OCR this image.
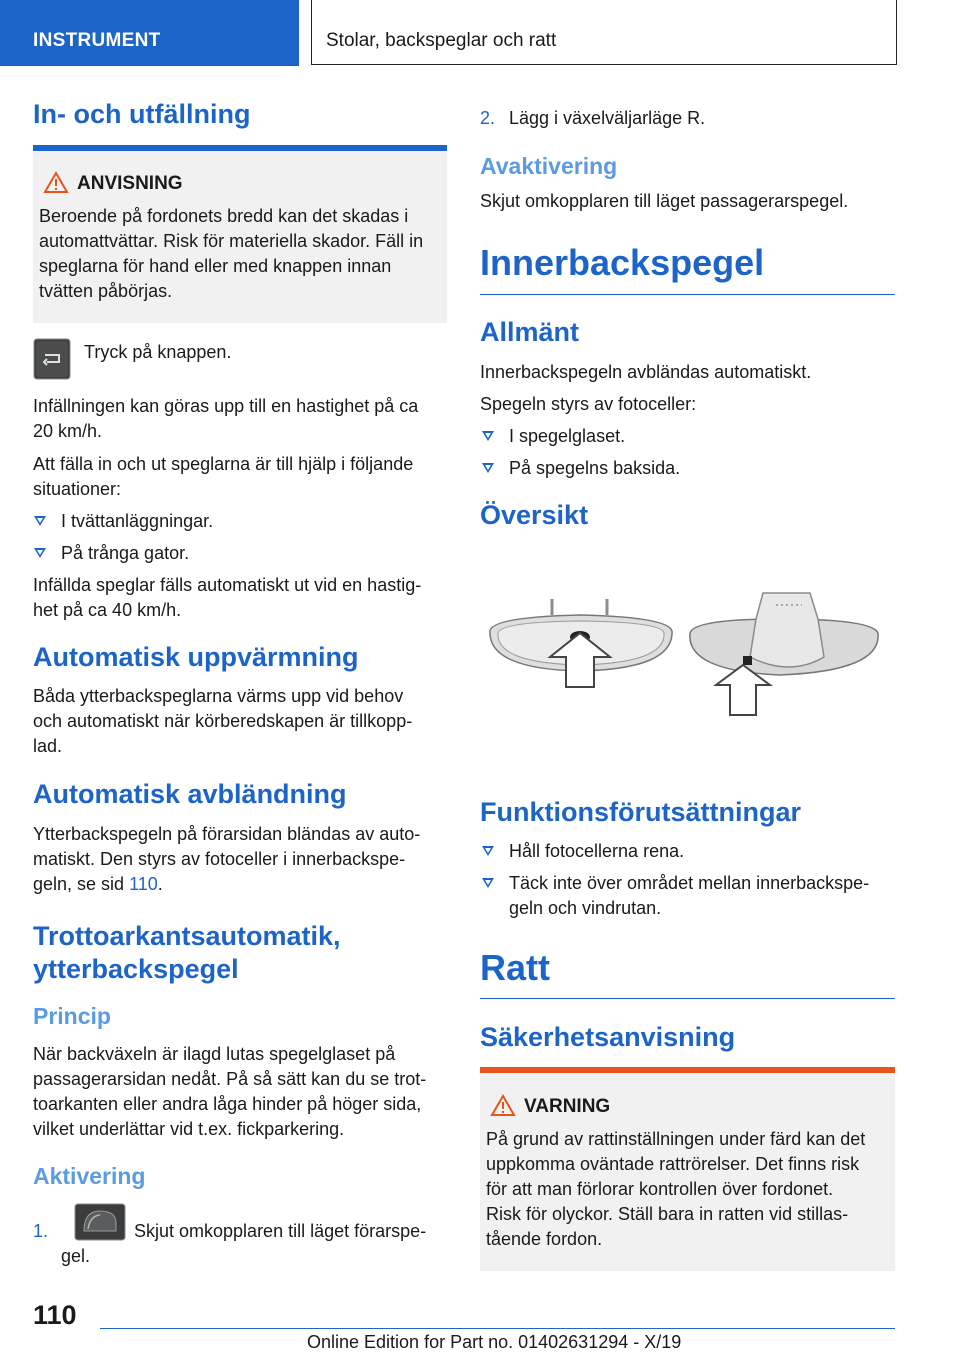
INSTRUMENT	Stolar, backspeglar och ratt
In- och utfällning
ANVISNING

Beroende på fordonets bredd kan det skadas i

automattvättar. Risk för materiella skador. Fäll in

speglarna för hand eller med knappen innan

tvätten påbörjas.

Tryck på knappen.

Infällningen kan göras upp till en hastighet på ca

20 km/h.

Att fälla in och ut speglarna är till hjälp i följande

situationer:

I tvättanläggningar.
På trånga gator.

Infällda speglar fälls automatiskt ut vid en hastig-

het på ca 40 km/h.

Automatisk uppvärmning

Båda ytterbackspeglarna värms upp vid behov

och automatiskt när körberedskapen är tillkopp-

lad.

Automatisk avbländning

Ytterbackspegeln på förarsidan bländas av auto-

matiskt. Den styrs av fotoceller i innerbackspe-

geln, se sid 110.

Trottoarkantsautomatik,

ytterbackspegel

Princip

När backväxeln är ilagd lutas spegelglaset på

passagerarsidan nedåt. På så sätt kan du se trot-

toarkanten eller andra låga hinder på höger sida,

vilket underlättar vid t.ex. fickparkering.

Aktivering
1.	Skjut omkopplaren till läget förarspe-
gel.
2. Lägg i växelväljarläge R.
Avaktivering
Skjut omkopplaren till läget passagerarspegel.
Innerbackspegel
Allmänt
Innerbackspegeln avbländas automatiskt.
Spegeln styrs av fotoceller:
I spegelglaset.
På spegelns baksida.
Översikt
Funktionsförutsättningar
Håll fotocellerna rena.

Täck inte över området mellan innerbackspe-

geln och vindrutan.

Ratt
Säkerhetsanvisning
VARNING

På grund av rattinställningen under färd kan det

uppkomma oväntade rattrörelser. Det finns risk

för att man förlorar kontrollen över fordonet.

Risk för olyckor. Ställ bara in ratten vid stillas-

tående fordon.

110
Online Edition for Part no. 01402631294 - X/19
